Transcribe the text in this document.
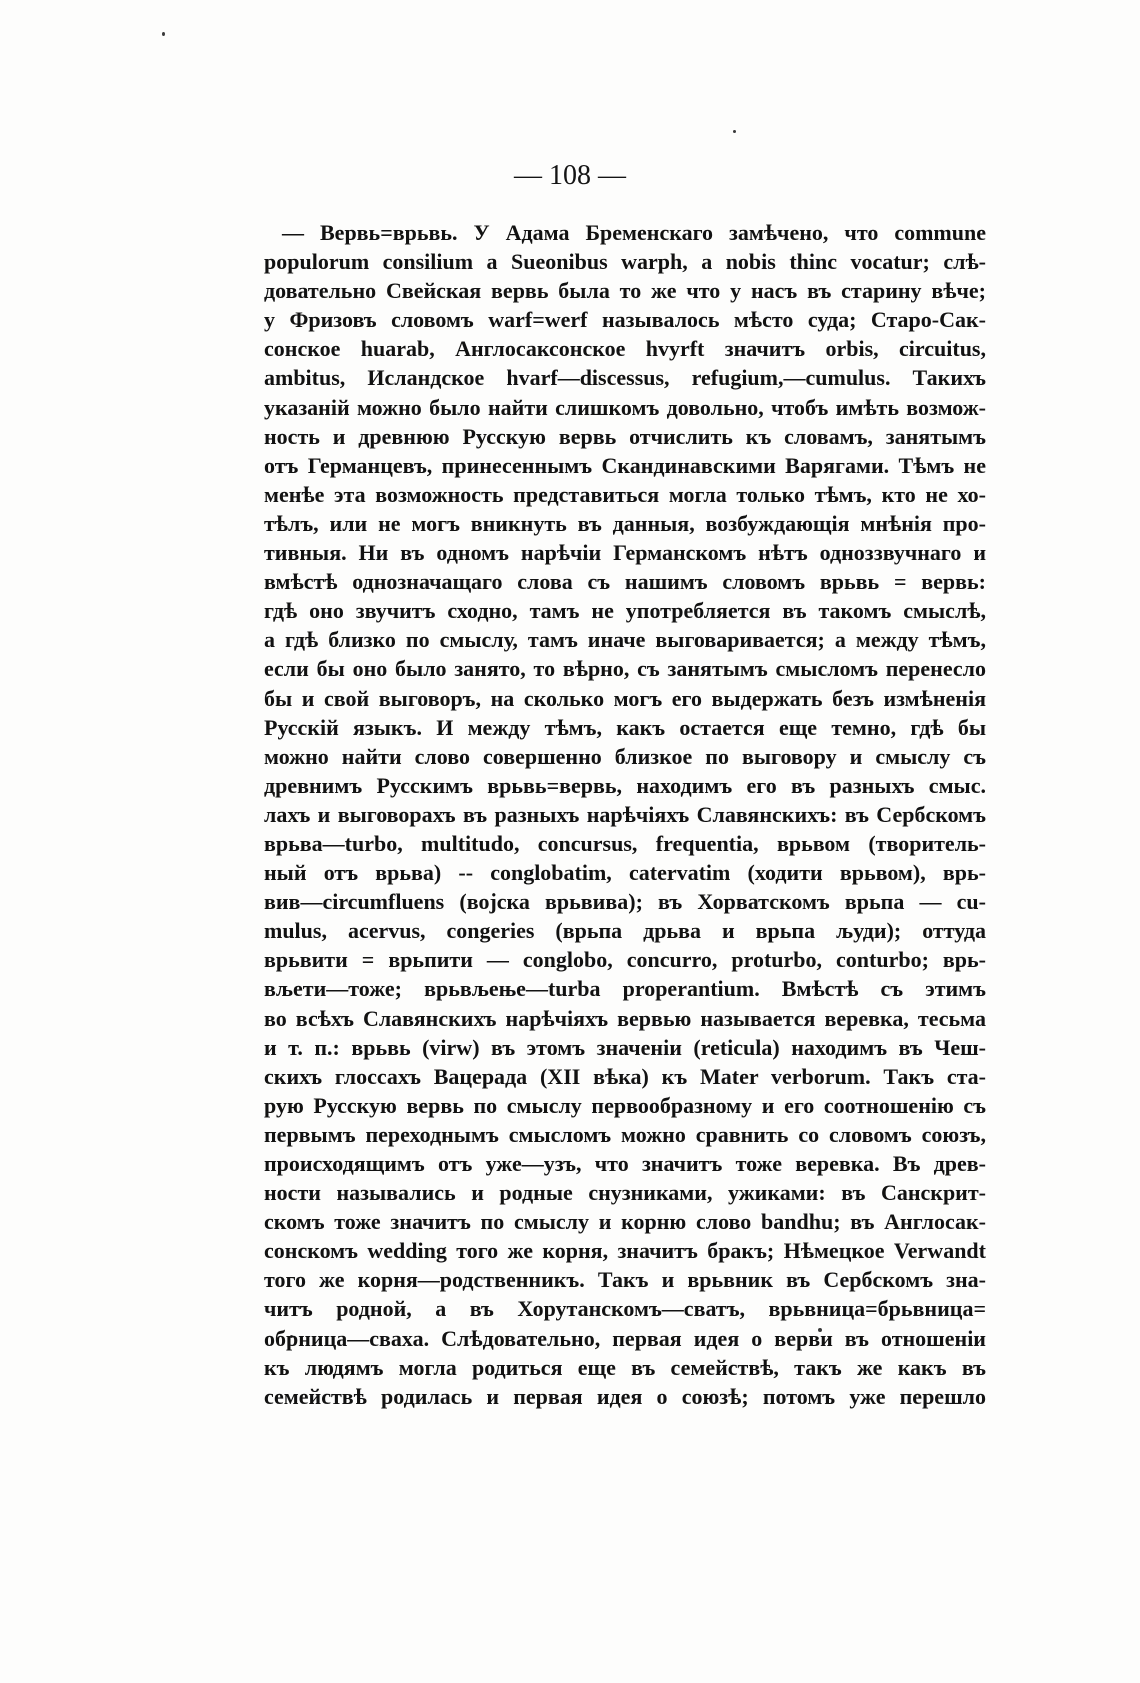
— 108 —
— Вервь=врьвь. У Адама Бременскаго замѣчено, что commune
populorum consilium a Sueonibus warph, a nobis thinc vocatur; слѣ-
довательно Свейская вервь была то же что у насъ въ старину вѣче;
у Фризовъ словомъ warf=werf называлось мѣсто суда; Старо-Сак-
сонское huarab, Англосаксонское hvyrft значитъ orbis, circuitus,
ambitus, Исландское hvarf—discessus, refugium,—cumulus. Такихъ
указаній можно было найти слишкомъ довольно, чтобъ имѣть возмож-
ность и древнюю Русскую вервь отчислить къ словамъ, занятымъ
отъ Германцевъ, принесеннымъ Скандинавскими Варягами. Тѣмъ не
менѣе эта возможность представиться могла только тѣмъ, кто не хо-
тѣлъ, или не могъ вникнуть въ данныя, возбуждающія мнѣнія про-
тивныя. Ни въ одномъ нарѣчіи Германскомъ нѣтъ одноззвучнаго и
вмѣстѣ однозначащаго слова съ нашимъ словомъ врьвь = вервь:
гдѣ оно звучитъ сходно, тамъ не употребляется въ такомъ смыслѣ,
а гдѣ близко по смыслу, тамъ иначе выговаривается; а между тѣмъ,
если бы оно было занято, то вѣрно, съ занятымъ смысломъ перенесло
бы и свой выговоръ, на сколько могъ его выдержать безъ измѣненія
Русскій языкъ. И между тѣмъ, какъ остается еще темно, гдѣ бы
можно найти слово совершенно близкое по выговору и смыслу съ
древнимъ Русскимъ врьвь=вервь, находимъ его въ разныхъ смыс.
лахъ и выговорахъ въ разныхъ нарѣчіяхъ Славянскихъ: въ Сербскомъ
врьва—turbo, multitudo, concursus, frequentia, врьвом (творитель-
ный отъ врьва) -- conglobatim, catervatim (ходити врьвом), врь-
вив—circumfluens (војска врьвива); въ Хорватскомъ врьпа — cu-
mulus, acervus, congeries (врьпа дрьва и врьпа људи); оттуда
врьвити = врьпити — conglobo, concurro, proturbo, conturbo; врь-
вљети—тоже; врьвљење—turba properantium. Вмѣстѣ съ этимъ
во всѣхъ Славянскихъ нарѣчіяхъ вервью называется веревка, тесьма
и т. п.: врьвь (virw) въ этомъ значеніи (reticula) находимъ въ Чеш-
скихъ глоссахъ Вацерада (XII вѣка) къ Mater verborum. Такъ ста-
рую Русскую вервь по смыслу первообразному и его соотношенію съ
первымъ переходнымъ смысломъ можно сравнить со словомъ союзъ,
происходящимъ отъ уже—узъ, что значитъ тоже веревка. Въ древ-
ности назывались и родные снузниками, ужиками: въ Санскрит-
скомъ тоже значитъ по смыслу и корню слово bandhu; въ Англосак-
сонскомъ wedding того же корня, значитъ бракъ; Нѣмецкое Verwandt
того же корня—родственникъ. Такъ и врьвник въ Сербскомъ зна-
читъ родной, а въ Хорутанскомъ—сватъ, врьвница=брьвница=
обрница—сваха. Слѣдовательно, первая идея о верви въ отношеніи
къ людямъ могла родиться еще въ семействѣ, такъ же какъ въ
семействѣ родилась и первая идея о союзѣ; потомъ уже перешло
